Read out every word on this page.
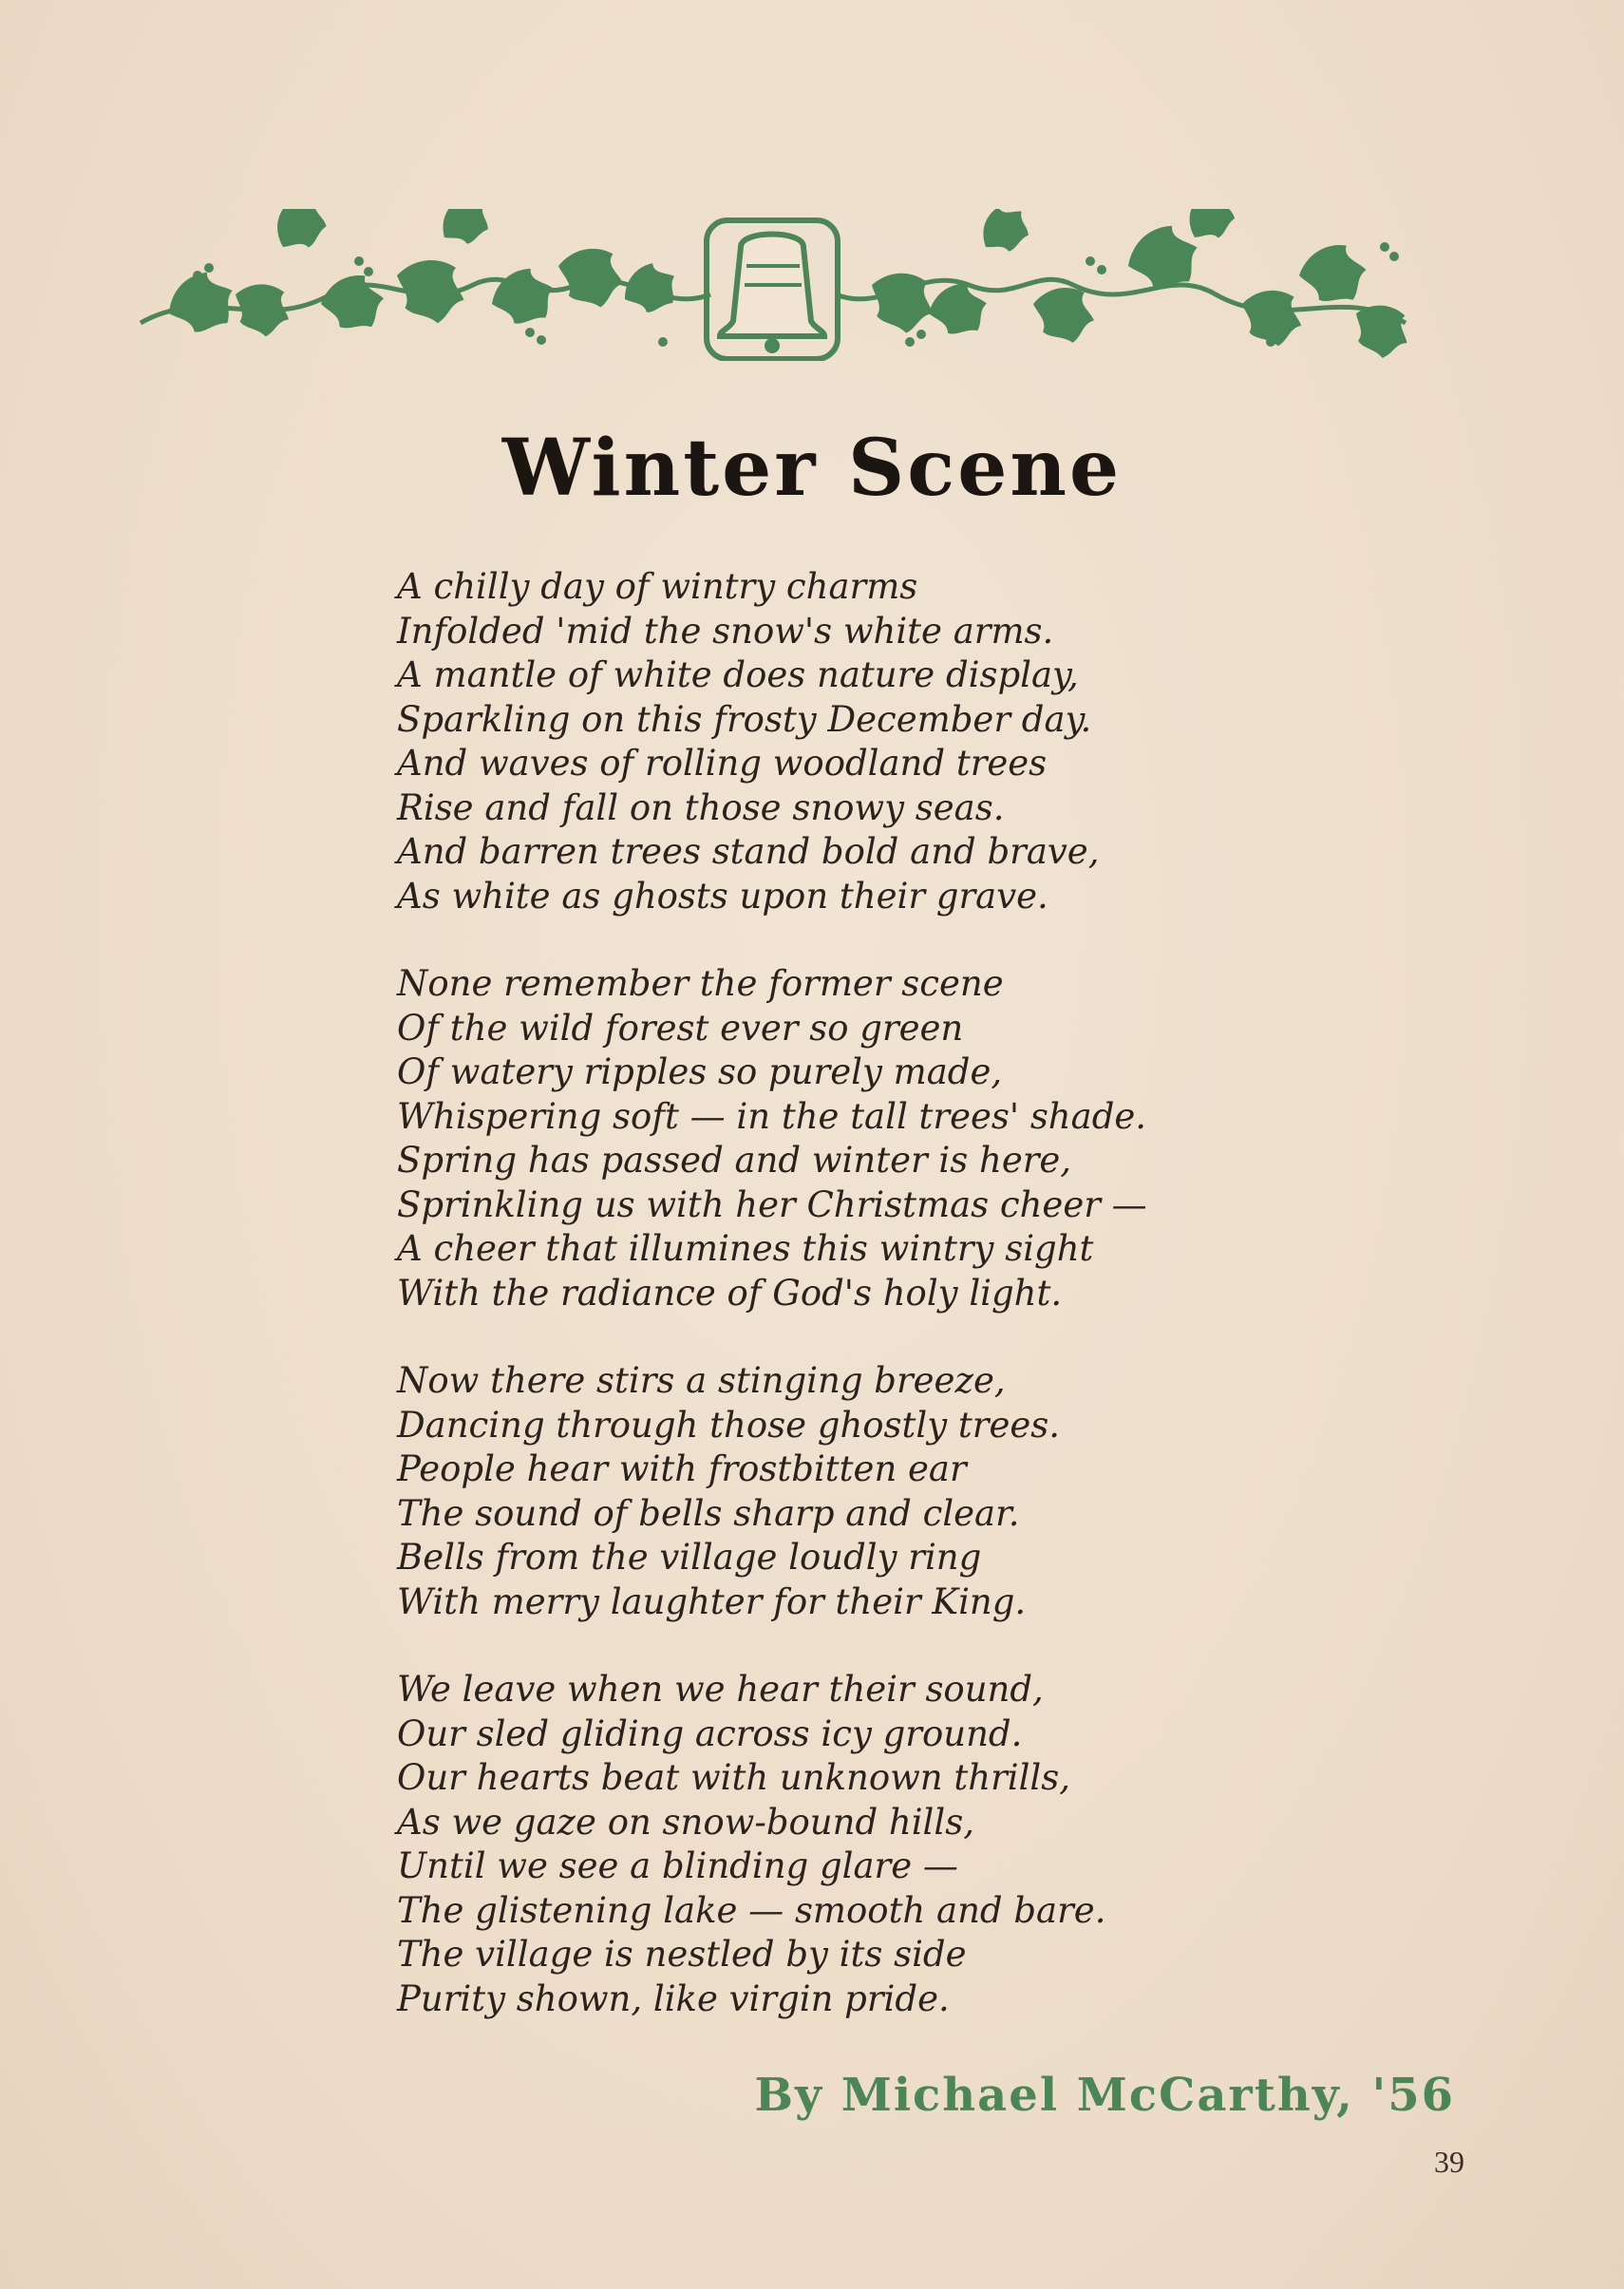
Winter Scene
A chilly day of wintry charms
Infolded 'mid the snow's white arms.
A mantle of white does nature display,
Sparkling on this frosty December day.
And waves of rolling woodland trees
Rise and fall on those snowy seas.
And barren trees stand bold and brave,
As white as ghosts upon their grave.
None remember the former scene
Of the wild forest ever so green
Of watery ripples so purely made,
Whispering soft — in the tall trees' shade.
Spring has passed and winter is here,
Sprinkling us with her Christmas cheer —
A cheer that illumines this wintry sight
With the radiance of God's holy light.
Now there stirs a stinging breeze,
Dancing through those ghostly trees.
People hear with frostbitten ear
The sound of bells sharp and clear.
Bells from the village loudly ring
With merry laughter for their King.
We leave when we hear their sound,
Our sled gliding across icy ground.
Our hearts beat with unknown thrills,
As we gaze on snow-bound hills,
Until we see a blinding glare —
The glistening lake — smooth and bare.
The village is nestled by its side
Purity shown, like virgin pride.
By Michael McCarthy, '56
39
